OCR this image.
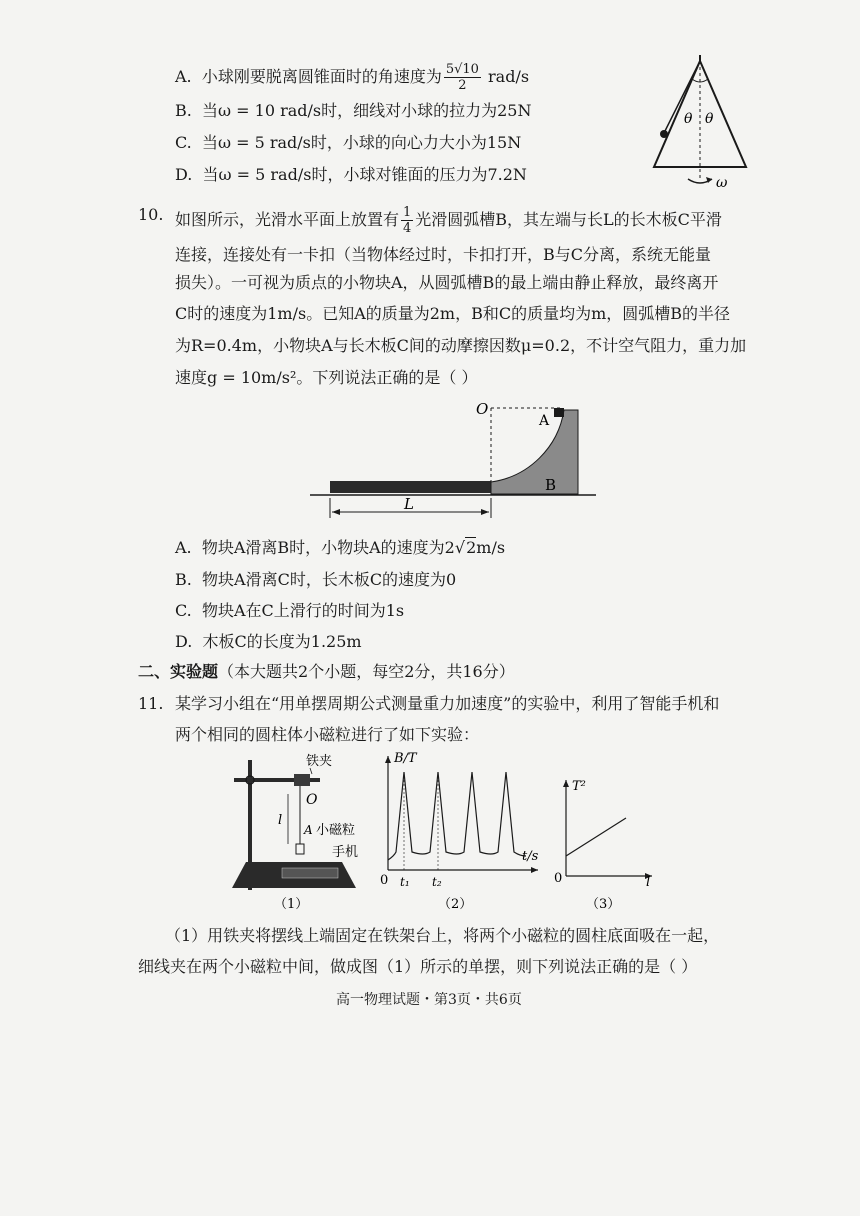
A. 小球刚要脱离圆锥面时的角速度为 $\frac{5√10}{2} rad/s$
B. 当ω = 10 rad/s时，细线对小球的拉力为25N
C. 当ω = 5 rad/s时，小球的向心力大小为15N
D. 当ω = 5 rad/s时，小球对锥面的压力为7.2N
θ θ
ω
10. 如图所示，光滑水平面上放置有 $\frac{1}{4}$ 光滑圆弧槽B，其左端与长L的长木板C平滑
连接，连接处有一卡扣（当物体经过时，卡扣打开，B与C分离，系统无能量
损失）。一可视为质点的小物块A，从圆弧槽B的最上端由静止释放，最终离开
C时的速度为1m/s。已知A的质量为2m，B和C的质量均为m，圆弧槽B的半径
为R=0.4m，小物块A与长木板C间的动摩擦因数μ=0.2，不计空气阻力，重力加
速度g = 10m/s²。下列说法正确的是（ ）
O
A
B
L
A. 物块A滑离B时，小物块A的速度为2√2m/s
B. 物块A滑离C时，长木板C的速度为0
C. 物块A在C上滑行的时间为1s
D. 木板C的长度为1.25m
二、实验题（本大题共2个小题，每空2分，共16分）
11. 某学习小组在“用单摆周期公式测量重力加速度”的实验中，利用了智能手机和
两个相同的圆柱体小磁粒进行了如下实验：
铁夹
O
l
A 小磁粒
手机
（1）
B/T
t/s
0 t₁ t₂
（2）
T²
l
0
（3）
（1）用铁夹将摆线上端固定在铁架台上，将两个小磁粒的圆柱底面吸在一起，
细线夹在两个小磁粒中间，做成图（1）所示的单摆，则下列说法正确的是（ ）
高一物理试题・第3页・共6页
